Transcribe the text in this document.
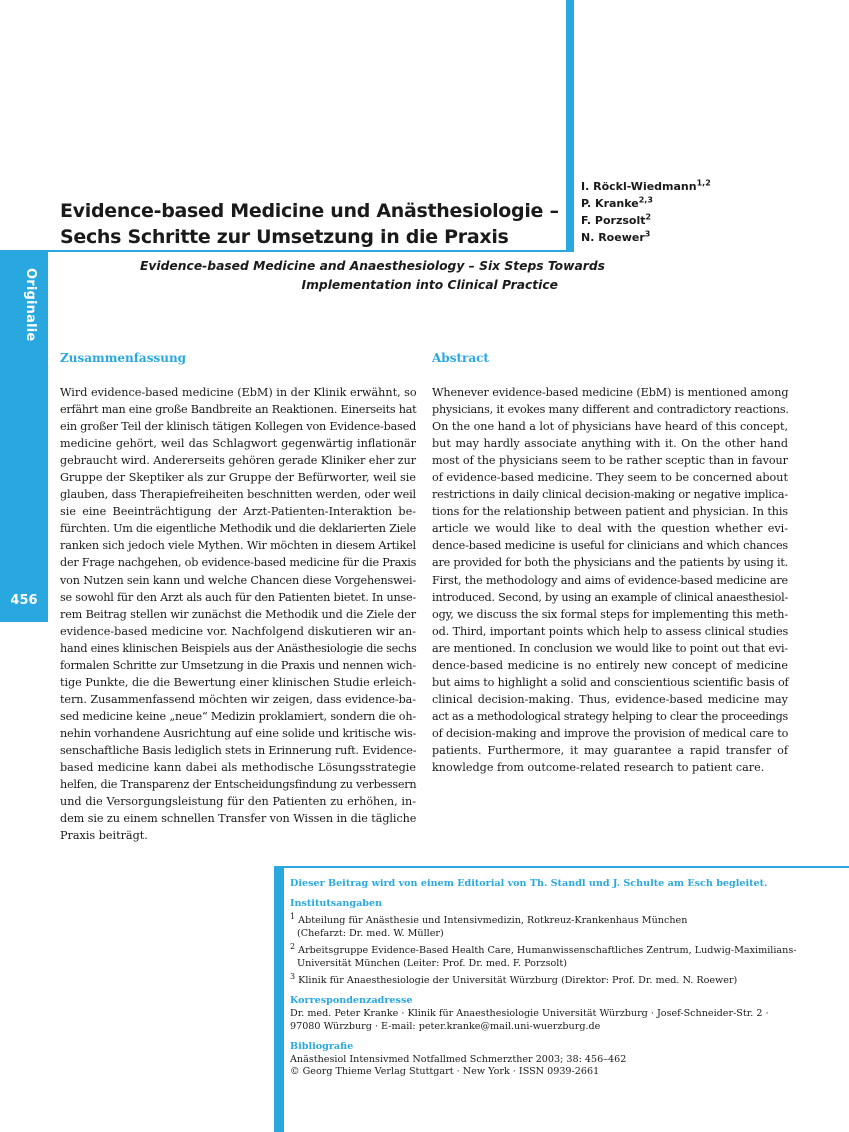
Originalie
456
Evidence-based Medicine und Anästhesiologie –
Sechs Schritte zur Umsetzung in die Praxis
I. Röckl-Wiedmann$^{1,2}$
P. Kranke$^{2,3}$
F. Porzsolt$^2$
N. Roewer$^3$
Evidence-based Medicine and Anaesthesiology – Six Steps Towards
Implementation into Clinical Practice
Zusammenfassung	Abstract
Wird evidence-based medicine (EbM) in der Klinik erwähnt, so
erfährt man eine große Bandbreite an Reaktionen. Einerseits hat
ein großer Teil der klinisch tätigen Kollegen von Evidence-based
medicine gehört, weil das Schlagwort gegenwärtig inflationär
gebraucht wird. Andererseits gehören gerade Kliniker eher zur
Gruppe der Skeptiker als zur Gruppe der Befürworter, weil sie
glauben, dass Therapiefreiheiten beschnitten werden, oder weil
sie eine Beeinträchtigung der Arzt-Patienten-Interaktion be-
fürchten. Um die eigentliche Methodik und die deklarierten Ziele
ranken sich jedoch viele Mythen. Wir möchten in diesem Artikel
der Frage nachgehen, ob evidence-based medicine für die Praxis
von Nutzen sein kann und welche Chancen diese Vorgehenswei-
se sowohl für den Arzt als auch für den Patienten bietet. In unse-
rem Beitrag stellen wir zunächst die Methodik und die Ziele der
evidence-based medicine vor. Nachfolgend diskutieren wir an-
hand eines klinischen Beispiels aus der Anästhesiologie die sechs
formalen Schritte zur Umsetzung in die Praxis und nennen wich-
tige Punkte, die die Bewertung einer klinischen Studie erleich-
tern. Zusammenfassend möchten wir zeigen, dass evidence-ba-
sed medicine keine „neue“ Medizin proklamiert, sondern die oh-
nehin vorhandene Ausrichtung auf eine solide und kritische wis-
senschaftliche Basis lediglich stets in Erinnerung ruft. Evidence-
based medicine kann dabei als methodische Lösungsstrategie
helfen, die Transparenz der Entscheidungsfindung zu verbessern
und die Versorgungsleistung für den Patienten zu erhöhen, in-
dem sie zu einem schnellen Transfer von Wissen in die tägliche
Praxis beiträgt.
Whenever evidence-based medicine (EbM) is mentioned among
physicians, it evokes many different and contradictory reactions.
On the one hand a lot of physicians have heard of this concept,
but may hardly associate anything with it. On the other hand
most of the physicians seem to be rather sceptic than in favour
of evidence-based medicine. They seem to be concerned about
restrictions in daily clinical decision-making or negative implica-
tions for the relationship between patient and physician. In this
article we would like to deal with the question whether evi-
dence-based medicine is useful for clinicians and which chances
are provided for both the physicians and the patients by using it.
First, the methodology and aims of evidence-based medicine are
introduced. Second, by using an example of clinical anaesthesiol-
ogy, we discuss the six formal steps for implementing this meth-
od. Third, important points which help to assess clinical studies
are mentioned. In conclusion we would like to point out that evi-
dence-based medicine is no entirely new concept of medicine
but aims to highlight a solid and conscientious scientific basis of
clinical decision-making. Thus, evidence-based medicine may
act as a methodological strategy helping to clear the proceedings
of decision-making and improve the provision of medical care to
patients. Furthermore, it may guarantee a rapid transfer of
knowledge from outcome-related research to patient care.
Dieser Beitrag wird von einem Editorial von Th. Standl und J. Schulte am Esch begleitet.
Institutsangaben
$^1$ Abteilung für Anästhesie und Intensivmedizin, Rotkreuz-Krankenhaus München
(Chefarzt: Dr. med. W. Müller)
$^2$ Arbeitsgruppe Evidence-Based Health Care, Humanwissenschaftliches Zentrum, Ludwig-Maximilians-
Universität München (Leiter: Prof. Dr. med. F. Porzsolt)
$^3$ Klinik für Anaesthesiologie der Universität Würzburg (Direktor: Prof. Dr. med. N. Roewer)
Korrespondenzadresse
Dr. med. Peter Kranke · Klinik für Anaesthesiologie Universität Würzburg · Josef-Schneider-Str. 2 ·
97080 Würzburg · E-mail: peter.kranke@mail.uni-wuerzburg.de
Bibliografie
Anästhesiol Intensivmed Notfallmed Schmerzther 2003; 38: 456–462
© Georg Thieme Verlag Stuttgart · New York · ISSN 0939-2661
